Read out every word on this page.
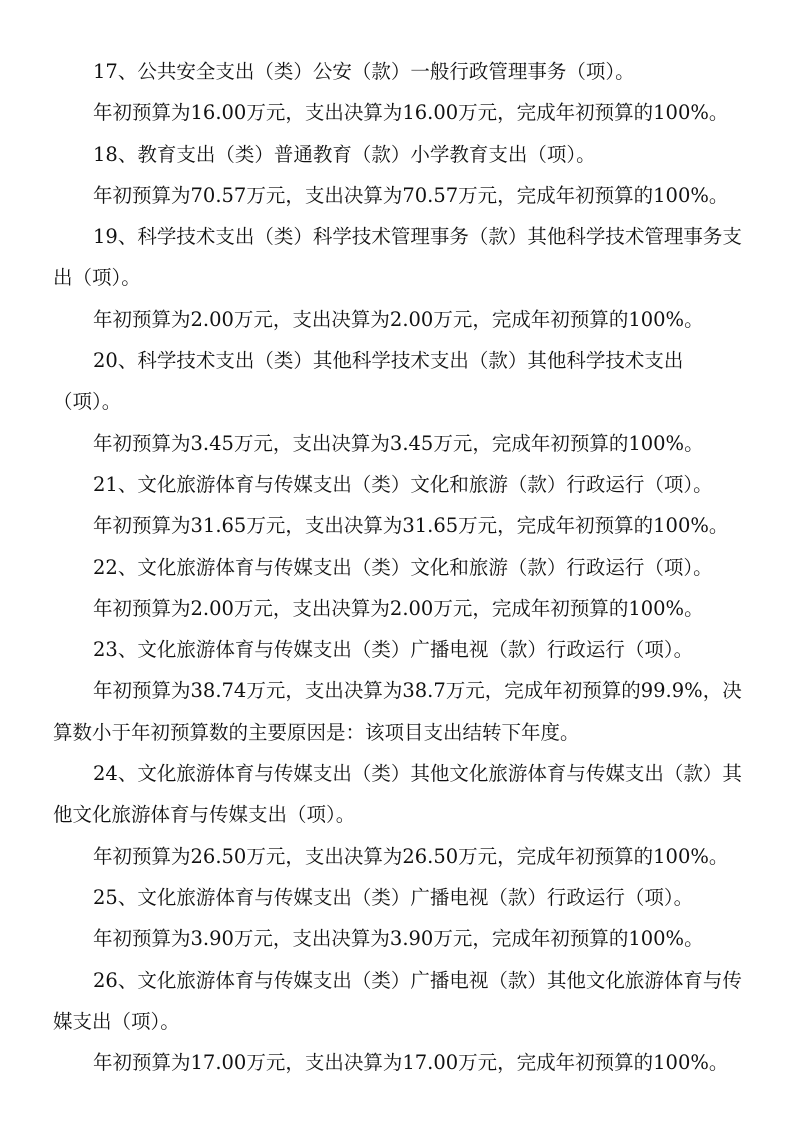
17、公共安全支出（类）公安（款）一般行政管理事务（项）。

年初预算为16.00万元，支出决算为16.00万元，完成年初预算的100%。

18、教育支出（类）普通教育（款）小学教育支出（项）。

年初预算为70.57万元，支出决算为70.57万元，完成年初预算的100%。

19、科学技术支出（类）科学技术管理事务（款）其他科学技术管理事务支出（项）。

年初预算为2.00万元，支出决算为2.00万元，完成年初预算的100%。

20、科学技术支出（类）其他科学技术支出（款）其他科学技术支出（项）。

年初预算为3.45万元，支出决算为3.45万元，完成年初预算的100%。

21、文化旅游体育与传媒支出（类）文化和旅游（款）行政运行（项）。

年初预算为31.65万元，支出决算为31.65万元，完成年初预算的100%。

22、文化旅游体育与传媒支出（类）文化和旅游（款）行政运行（项）。

年初预算为2.00万元，支出决算为2.00万元，完成年初预算的100%。

23、文化旅游体育与传媒支出（类）广播电视（款）行政运行（项）。

年初预算为38.74万元，支出决算为38.7万元，完成年初预算的99.9%，决算数小于年初预算数的主要原因是：该项目支出结转下年度。

24、文化旅游体育与传媒支出（类）其他文化旅游体育与传媒支出（款）其他文化旅游体育与传媒支出（项）。

年初预算为26.50万元，支出决算为26.50万元，完成年初预算的100%。

25、文化旅游体育与传媒支出（类）广播电视（款）行政运行（项）。

年初预算为3.90万元，支出决算为3.90万元，完成年初预算的100%。

26、文化旅游体育与传媒支出（类）广播电视（款）其他文化旅游体育与传媒支出（项）。

年初预算为17.00万元，支出决算为17.00万元，完成年初预算的100%。
